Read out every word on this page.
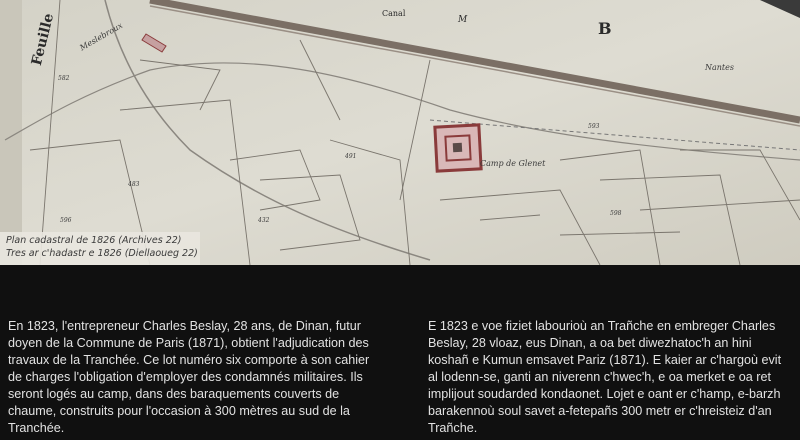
Feuille	Meslebroux
Canal
M	B
Nantes
Camp de Glenet
582
483
491
432
596
593
598
Plan cadastral de 1826 (Archives 22)
Tres ar c'hadastr e 1826 (Diellaoueg 22)

En 1823, l'entrepreneur Charles Beslay, 28 ans, de Dinan, futur doyen de la Commune de Paris (1871), obtient l'adjudication des travaux de la Tranchée. Ce lot numéro six comporte à son cahier de charges l'obligation d'employer des condamnés militaires. Ils seront logés au camp, dans des baraquements couverts de chaume, construits pour l'occasion à 300 mètres au sud de la Tranchée.

E 1823 e voe fiziet labourioù an Trañche en embreger Charles Beslay, 28 vloaz, eus Dinan, a oa bet diwezhatoc'h an hini koshañ e Kumun emsavet Pariz (1871). E kaier ar c'hargoù evit al lodenn-se, ganti an niverenn c'hwec'h, e oa merket e oa ret implijout soudarded kondaonet. Lojet e oant er c'hamp, e-barzh barakennoù soul savet a-fetepañs 300 metr er c'hreisteiz d'an Trañche.
